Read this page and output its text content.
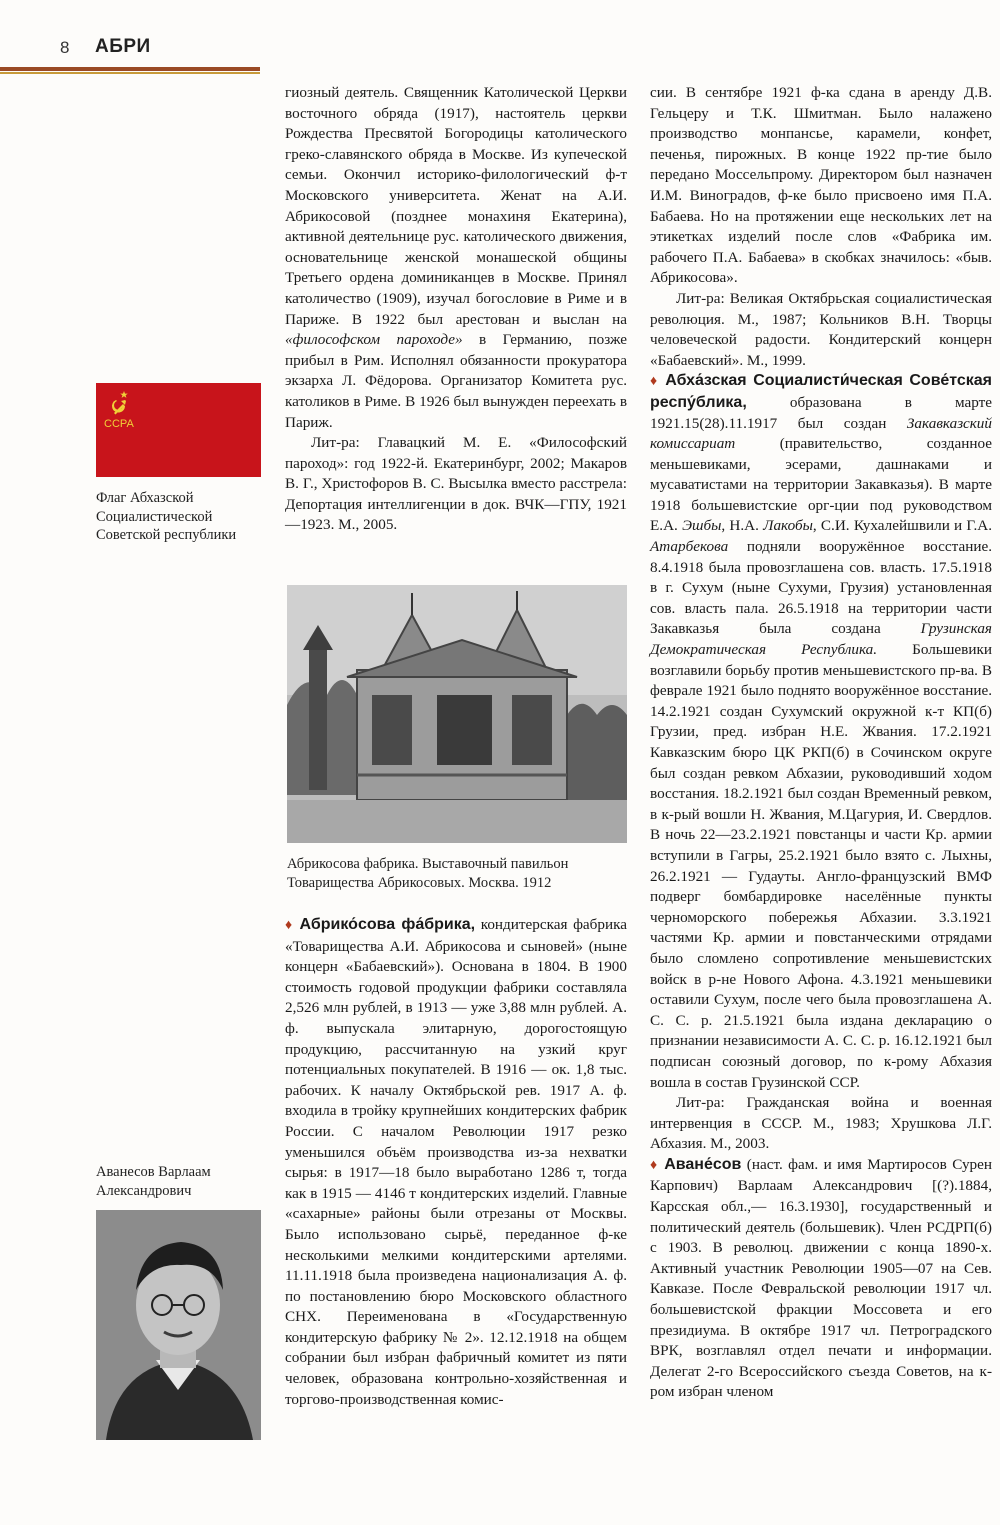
8 АБРИ
ССРА
Флаг Абхазской Социалистической Советской республики

гиозный деятель. Священник Католической Церкви восточного обряда (1917), настоятель церкви Рождества Пресвятой Богородицы католического греко-славянского обряда в Москве. Из купеческой семьи. Окончил историко-филологический ф-т Московского университета. Женат на А.И. Абрикосовой (позднее монахиня Екатерина), активной деятельнице рус. католического движения, основательнице женской монашеской общины Третьего ордена доминиканцев в Москве. Принял католичество (1909), изучал богословие в Риме и в Париже. В 1922 был арестован и выслан на «философском пароходе» в Германию, позже прибыл в Рим. Исполнял обязанности прокуратора экзарха Л. Фёдорова. Организатор Комитета рус. католиков в Риме. В 1926 был вынужден переехать в Париж.

Лит-ра: Главацкий М. Е. «Философский пароход»: год 1922-й. Екатеринбург, 2002; Макаров В. Г., Христофоров В. С. Высылка вместо расстрела: Депортация интеллигенции в док. ВЧК—ГПУ, 1921—1923. М., 2005.

Абрикосова фабрика. Выставочный павильон Товарищества Абрикосовых. Москва. 1912

♦ Абрико́сова фа́брика, кондитерская фабрика «Товарищества А.И. Абрикосова и сыновей» (ныне концерн «Бабаевский»). Основана в 1804. В 1900 стоимость годовой продукции фабрики составляла 2,526 млн рублей, в 1913 — уже 3,88 млн рублей. А. ф. выпускала элитарную, дорогостоящую продукцию, рассчитанную на узкий круг потенциальных покупателей. В 1916 — ок. 1,8 тыс. рабочих. К началу Октябрьской рев. 1917 А. ф. входила в тройку крупнейших кондитерских фабрик России. С началом Революции 1917 резко уменьшился объём производства из-за нехватки сырья: в 1917—18 было выработано 1286 т, тогда как в 1915 — 4146 т кондитерских изделий. Главные «сахарные» районы были отрезаны от Москвы. Было использовано сырьё, переданное ф-ке несколькими мелкими кондитерскими артелями. 11.11.1918 была произведена национализация А. ф. по постановлению бюро Московского областного СНХ. Переименована в «Государственную кондитерскую фабрику № 2». 12.12.1918 на общем собрании был избран фабричный комитет из пяти человек, образована контрольно-хозяйственная и торгово-производственная комис-

Аванесов Варлаам Александрович

сии. В сентябре 1921 ф-ка сдана в аренду Д.В. Гельцеру и Т.К. Шмитман. Было налажено производство монпансье, карамели, конфет, печенья, пирожных. В конце 1922 пр-тие было передано Моссельпрому. Директором был назначен И.М. Виноградов, ф-ке было присвоено имя П.А. Бабаева. Но на протяжении еще нескольких лет на этикетках изделий после слов «Фабрика им. рабочего П.А. Бабаева» в скобках значилось: «быв. Абрикосова».

Лит-ра: Великая Октябрьская социалистическая революция. М., 1987; Кольников В.Н. Творцы человеческой радости. Кондитерский концерн «Бабаевский». М., 1999.

♦ Абха́зская Социалисти́ческая Сове́тская респу́блика, образована в марте 1921.15(28).11.1917 был создан Закавказский комиссариат (правительство, созданное меньшевиками, эсерами, дашнаками и мусаватистами на территории Закавказья). В марте 1918 большевистские орг-ции под руководством Е.А. Эшбы, Н.А. Лакобы, С.И. Кухалейшвили и Г.А. Атарбекова подняли вооружённое восстание. 8.4.1918 была провозглашена сов. власть. 17.5.1918 в г. Сухум (ныне Сухуми, Грузия) установленная сов. власть пала. 26.5.1918 на территории части Закавказья была создана Грузинская Демократическая Республика. Большевики возглавили борьбу против меньшевистского пр-ва. В феврале 1921 было поднято вооружённое восстание. 14.2.1921 создан Сухумский окружной к-т КП(б) Грузии, пред. избран Н.Е. Жвания. 17.2.1921 Кавказским бюро ЦК РКП(б) в Сочинском округе был создан ревком Абхазии, руководивший ходом восстания. 18.2.1921 был создан Временный ревком, в к-рый вошли Н. Жвания, М.Цагурия, И. Свердлов. В ночь 22—23.2.1921 повстанцы и части Кр. армии вступили в Гагры, 25.2.1921 было взято с. Лыхны, 26.2.1921 — Гудауты. Англо-французский ВМФ подверг бомбардировке населённые пункты черноморского побережья Абхазии. 3.3.1921 частями Кр. армии и повстанческими отрядами было сломлено сопротивление меньшевистских войск в р-не Нового Афона. 4.3.1921 меньшевики оставили Сухум, после чего была провозглашена А. С. С. р. 21.5.1921 была издана декларацию о признании независимости А. С. С. р. 16.12.1921 был подписан союзный договор, по к-рому Абхазия вошла в состав Грузинской ССР.

Лит-ра: Гражданская война и военная интервенция в СССР. М., 1983; Хрушкова Л.Г. Абхазия. М., 2003.

♦ Аване́сов (наст. фам. и имя Мартиросов Сурен Карпович) Варлаам Александрович [(?).1884, Карсская обл.,— 16.3.1930], государственный и политический деятель (большевик). Член РСДРП(б) с 1903. В революц. движении с конца 1890-х. Активный участник Революции 1905—07 на Сев. Кавказе. После Февральской революции 1917 чл. большевистской фракции Моссовета и его президиума. В октябре 1917 чл. Петроградского ВРК, возглавлял отдел печати и информации. Делегат 2-го Всероссийского съезда Советов, на к-ром избран членом
